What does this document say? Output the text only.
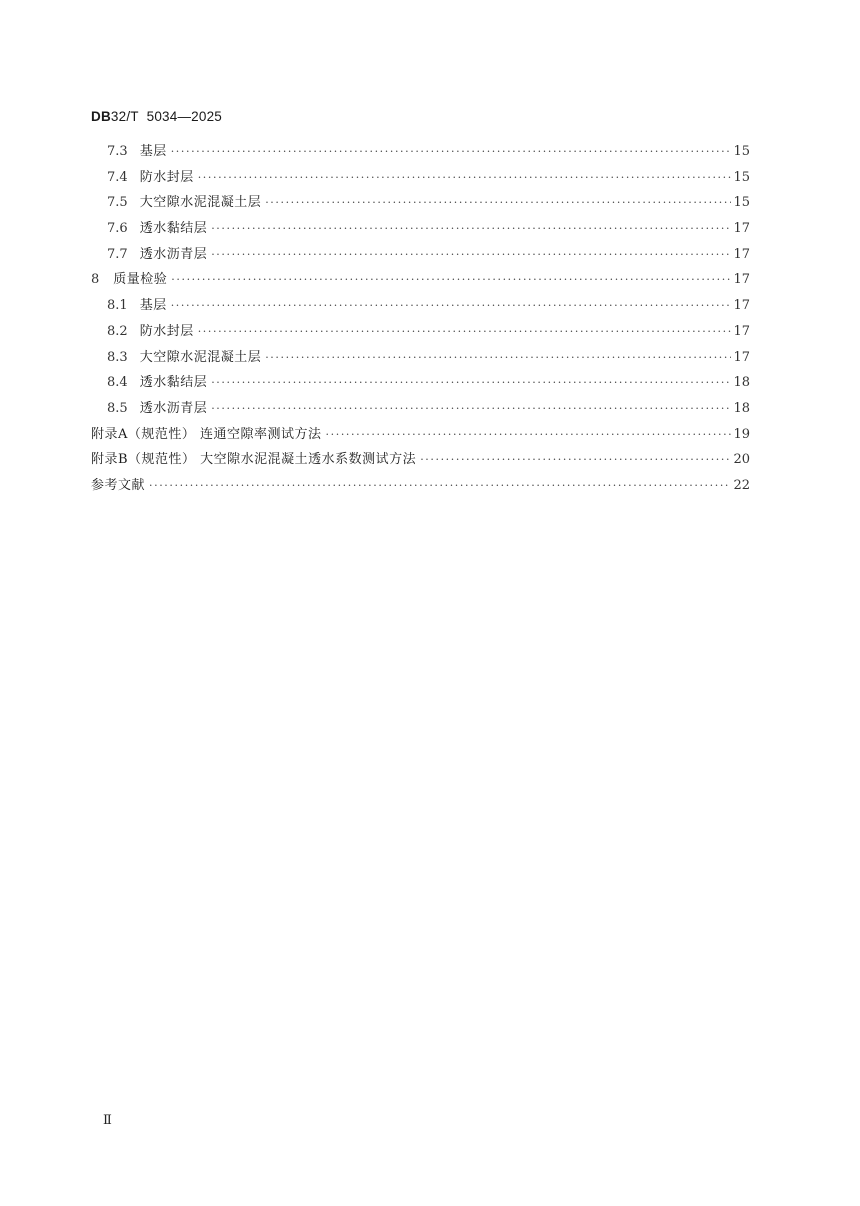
DB32/T 5034—2025
7.3 基层 ·····	15
7.4 防水封层 ·····	15
7.5 大空隙水泥混凝土层 ·····	15
7.6 透水黏结层 ·····	17
7.7 透水沥青层 ·····	17
8 质量检验 ·····	17
8.1 基层 ·····	17
8.2 防水封层 ·····	17
8.3 大空隙水泥混凝土层 ·····	17
8.4 透水黏结层 ·····	18
8.5 透水沥青层 ·····	18
附录A（规范性） 连通空隙率测试方法 ·····	19
附录B（规范性） 大空隙水泥混凝土透水系数测试方法 ·····	20
参考文献 ·····	22
Ⅱ
